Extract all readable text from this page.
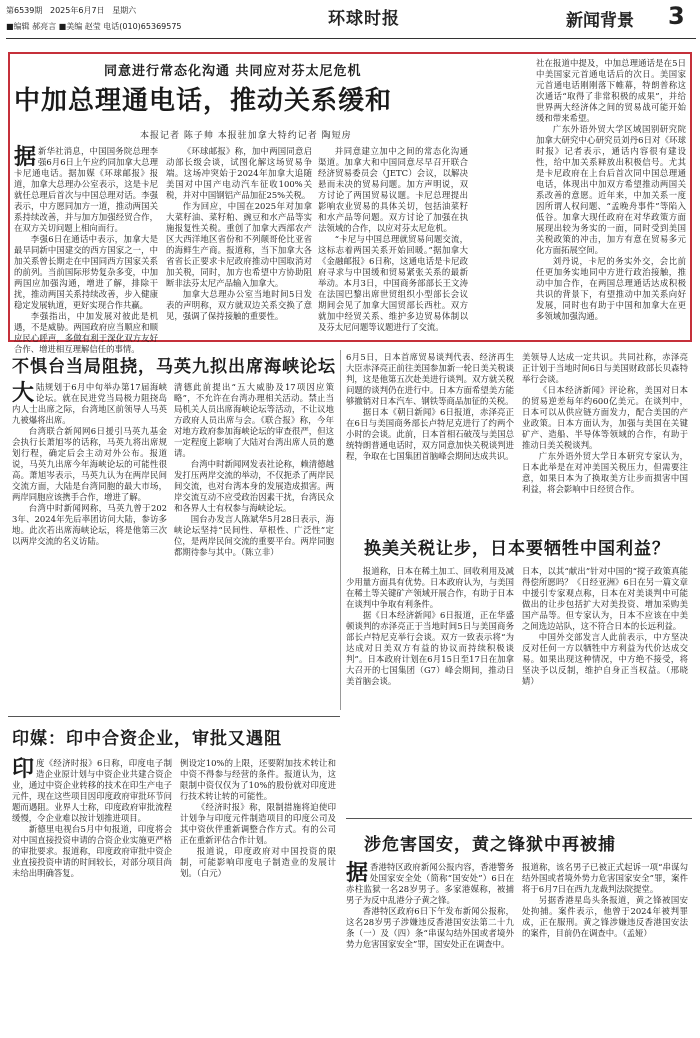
第6539期 2025年6月7日 星期六
■编辑 郝亮言 ■美编 赵莹 电话(010)65369575	环球时报	新闻背景 3
同意进行常态化沟通 共同应对芬太尼危机
中加总理通电话，推动关系缓和
本报记者 陈子帅 本报驻加拿大特约记者 陶短房
据 新华社消息，中国国务院总理李强6月6日上午应约同加拿大总理卡尼通电话。据加媒《环球邮报》报道，加拿大总理办公室表示，这是卡尼就任总理后首次与中国总理对话。李强表示，中方愿同加方一道，推动两国关系持续改善，并与加方加强经贸合作，在双方关切问题上相向而行。

李强6日在通话中表示，加拿大是最早同新中国建交的西方国家之一，中加关系曾长期走在中国同西方国家关系的前列。当前国际形势复杂多变，中加两国应加强沟通，增进了解，排除干扰，推动两国关系持续改善，步入健康稳定发展轨道，更好实现合作共赢。

李强指出，中加发展对彼此是机遇，不是威胁。两国政府应当顺应和顺应民心呼声，多做有利于深化双方友好合作、增进相互理解信任的事情。

《环球邮报》称，加中两国同意启动部长级会谈，试图化解这场贸易争端。这场冲突始于2024年加拿大追随美国对中国产电动汽车征收100%关税，并对中国钢铝产品加征25%关税。

作为回应，中国在2025年对加拿大菜籽油、菜籽粕、豌豆和水产品等实施报复性关税。重创了加拿大西部农产区大西洋地区省份和不列颠哥伦比亚省的海鲜生产商。报道称，当下加拿大各省省长正要求卡尼政府推动中国取消对加关税，同时，加方也希望中方协助阻断非法芬太尼产品输入加拿大。

加拿大总理办公室当地时间5日发表的声明称，双方就双边关系交换了意见，强调了保持接触的重要性。

并同意建立加中之间的常态化沟通渠道。加拿大和中国同意尽早召开联合经济贸易委员会（JETC）会议，以解决悬而未决的贸易问题。加方声明说，双方讨论了两国贸易议题。卡尼总理提出影响农业贸易的具体关切，包括油菜籽和水产品等问题。双方讨论了加强在执法领域的合作，以应对芬太尼危机。

“卡尼与中国总理就贸易问题交流，这标志着两国关系开始回暖。”据加拿大《金融邮报》6日称，这通电话是卡尼政府寻求与中国缓和贸易紧张关系的最新举动。本月3日，中国商务部部长王文涛在法国巴黎出席世贸组织小型部长会议期间会见了加拿大国贸部长西杜。双方就加中经贸关系、维护多边贸易体制以及芬太尼问题等议题进行了交流。

社在报道中提及，中加总理通话是在5日中美国家元首通电话后的次日。美国家元首通电话刚刚落下帷幕，特朗普称这次通话“取得了非常积极的成果”，并给世界两大经济体之间的贸易战可能开始缓和带来希望。

广东外语外贸大学区域国别研究院加拿大研究中心研究员刘丹6日对《环球时报》记者表示，通话内容很有建设性，给中加关系释放出积极信号。尤其是卡尼政府在上台后首次同中国总理通电话，体现出中加双方希望推动两国关系改善的意愿。近年来，中加关系一度因所谓人权问题、“孟晚舟事件”等陷入低谷。加拿大现任政府在对华政策方面展现出较为务实的一面，同时受到美国关税政策的冲击，加方有意在贸易多元化方面拓展空间。

刘丹说，卡尼的务实外交，会比前任更加务实地同中方进行政治接触，推动中加合作，在两国总理通话达成积极共识的背景下，有望推动中加关系向好发展，同时也有助于中国和加拿大在更多领域加强沟通。

不惧台当局阻挠，马英九拟出席海峡论坛
大 陆规划于6月中旬举办第17届海峡论坛。就在民进党当局极力阻挠岛内人士出席之际，台湾地区前领导人马英九被爆将出席。

台湾联合新闻网6日援引马英九基金会执行长萧旭岑的话称，马英九将出席规划行程，确定后会主动对外公布。报道说，马英九出席今年海峡论坛的可能性很高。萧旭岑表示，马英九认为在两岸民间交流方面，大陆是台湾同胞的最大市场，两岸同胞应该携手合作，增进了解。

台湾中时新闻网称，马英九曾于2023年、2024年先后率团访问大陆，参访多地。此次若出席海峡论坛，将是他第三次以两岸交流的名义访陆。

清德此前提出“五大威胁及17项因应策略”，不允许在台湾办理相关活动。禁止当局机关人员出席海峡论坛等活动，不让议地方政府人员出席与会。《联合报》称，今年对地方政府参加海峡论坛的审查很严，但这一定程度上影响了大陆对台湾出席人员的邀请。

台湾中时新闻网发表社论称，赖清德越发打压两岸交流的举动，不仅扼杀了两岸民间交流，也对台湾本身的发展造成损害。两岸交流互动不应受政治因素干扰，台湾民众和各界人士有权参与海峡论坛。

国台办发言人陈斌华5月28日表示，海峡论坛坚持“民间性、草根性、广泛性”定位，是两岸民间交流的重要平台。两岸同胞都期待参与其中。（陈立非）

6月5日，日本首席贸易谈判代表、经济再生大臣赤泽亮正前往美国参加新一轮日美关税谈判，这是他第五次赴美进行谈判。双方就关税问题的谈判仍在进行中。日本方面希望美方能够撤销对日本汽车、钢铁等商品加征的关税。

据日本《朝日新闻》6日报道，赤泽亮正在6日与美国商务部长卢特尼克进行了约两个小时的会谈。此前，日本首相石破茂与美国总统特朗普通电话时，双方同意加快关税谈判进程，争取在七国集团首脑峰会期间达成共识。

美领导人达成一定共识。共同社称，赤泽亮正计划于当地时间6日与美国财政部长贝森特举行会谈。

《日本经济新闻》评论称，美国对日本的贸易逆差每年约600亿美元。在谈判中，日本可以从供应链方面发力，配合美国的产业政策。日本方面认为，加强与美国在关键矿产、造船、半导体等领域的合作，有助于推动日美关税谈判。

广东外语外贸大学日本研究专家认为，日本此举是在对冲美国关税压力，但需要注意，如果日本为了换取美方让步而损害中国利益，将会影响中日经贸合作。

换美关税让步，日本要牺牲中国利益？

报道称，日本在稀土加工、回收利用及减少用量方面具有优势。日本政府认为，与美国在稀土等关键矿产领域开展合作，有助于日本在谈判中争取有利条件。

据《日本经济新闻》6日报道，正在华盛顿谈判的赤泽亮正于当地时间5日与美国商务部长卢特尼克举行会谈。双方一致表示将“为达成对日美双方有益的协议而持续积极谈判”。日本政府计划在6月15日至17日在加拿大召开的七国集团（G7）峰会期间，推动日美首脑会谈。

日本，以其“献出”针对中国的“搅子政策真能得偿所愿吗？《日经亚洲》6日在另一篇文章中援引专家观点称，日本在对美谈判中可能做出的让步包括扩大对美投资、增加采购美国产品等。但专家认为，日本不应该在中美之间选边站队，这不符合日本的长远利益。

中国外交部发言人此前表示，中方坚决反对任何一方以牺牲中方利益为代价达成交易。如果出现这种情况，中方绝不接受，将坚决予以反制，维护自身正当权益。（邢晓婧）

印媒：印中合资企业，审批又遇阻
印 度《经济时报》6日称，印度电子制造企业原计划与中资企业共建合资企业，通过中资企业转移的技术在印生产电子元件，现在这些项目因印度政府审批环节问题而遇阻。业界人士称，印度政府审批流程缓慢，令企业难以按计划推进项目。

新德里电视台5月中旬报道，印度将会对中国直接投资申请的合资企业实施更严格的审批要求。报道称，印度政府审批中资企业直接投资申请的时间较长，对部分项目尚未给出明确答复。

例设定10%的上限，还要附加技术转让和中资不得参与经营的条件。报道认为，这限制中资仅仅为了10%的股份就对印度进行技术转让转的可能性。

《经济时报》称，限制措施将迫使印计划争与印度元件制造项目的印度公司及其中资伙伴重新调整合作方式。有的公司正在重新评估合作计划。

报道说，印度政府对中国投资的限制，可能影响印度电子制造业的发展计划。（白元）

涉危害国安，黄之锋狱中再被捕
据 香港特区政府新闻公报内容，香港警务处国家安全处（简称“国安处”）6日在赤柱监狱一名28岁男子。多家港媒称，被捕男子为反中乱港分子黄之锋。

香港特区政府6日下午发布新闻公报称，这名28岁男子涉嫌违反香港国安法第二十九条（一）及（四）条“串谋勾结外国或者境外势力危害国家安全”罪，国安处正在调查中。

报道称，该名男子已被正式起诉一项“串谋勾结外国或者境外势力危害国家安全”罪，案件将于6月7日在西九龙裁判法院提堂。

另据香港星岛头条报道，黄之锋被国安处拘捕。案件表示，他曾于2024年被判罪成，正在服刑。黄之锋涉嫌违反香港国安法的案件，目前仍在调查中。（孟娅）
